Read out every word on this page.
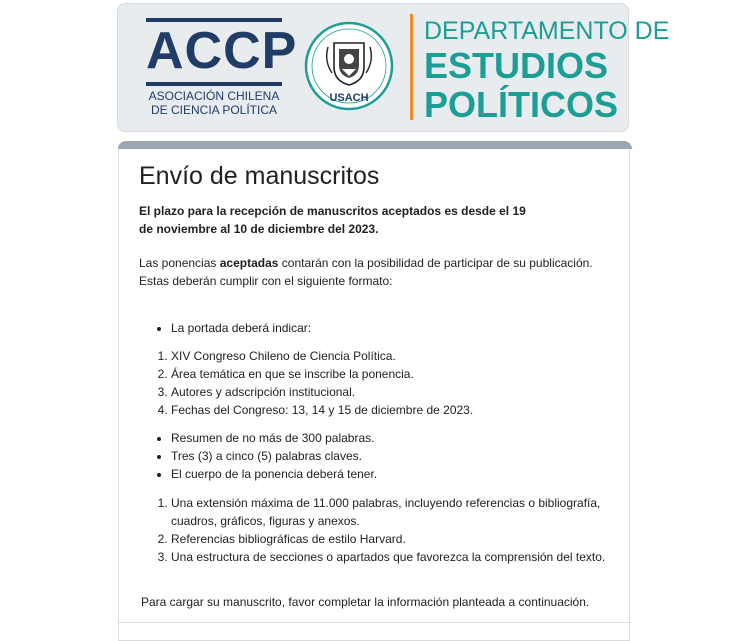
ACCP
ASOCIACIÓN CHILENA
DE CIENCIA POLÍTICA
USACH
DEPARTAMENTO DE
ESTUDIOS
POLÍTICOS
Envío de manuscritos
El plazo para la recepción de manuscritos aceptados es desde el 19
de noviembre al 10 de diciembre del 2023.
Las ponencias aceptadas contarán con la posibilidad de participar de su publicación.
Estas deberán cumplir con el siguiente formato:
• La portada deberá indicar:
1. XIV Congreso Chileno de Ciencia Política.
2. Área temática en que se inscribe la ponencia.
3. Autores y adscripción institucional.
4. Fechas del Congreso: 13, 14 y 15 de diciembre de 2023.
• Resumen de no más de 300 palabras.
• Tres (3) a cinco (5) palabras claves.
• El cuerpo de la ponencia deberá tener.
1. Una extensión máxima de 11.000 palabras, incluyendo referencias o bibliografía, cuadros, gráficos, figuras y anexos.
2. Referencias bibliográficas de estilo Harvard.
3. Una estructura de secciones o apartados que favorezca la comprensión del texto.
Para cargar su manuscrito, favor completar la información planteada a continuación.
